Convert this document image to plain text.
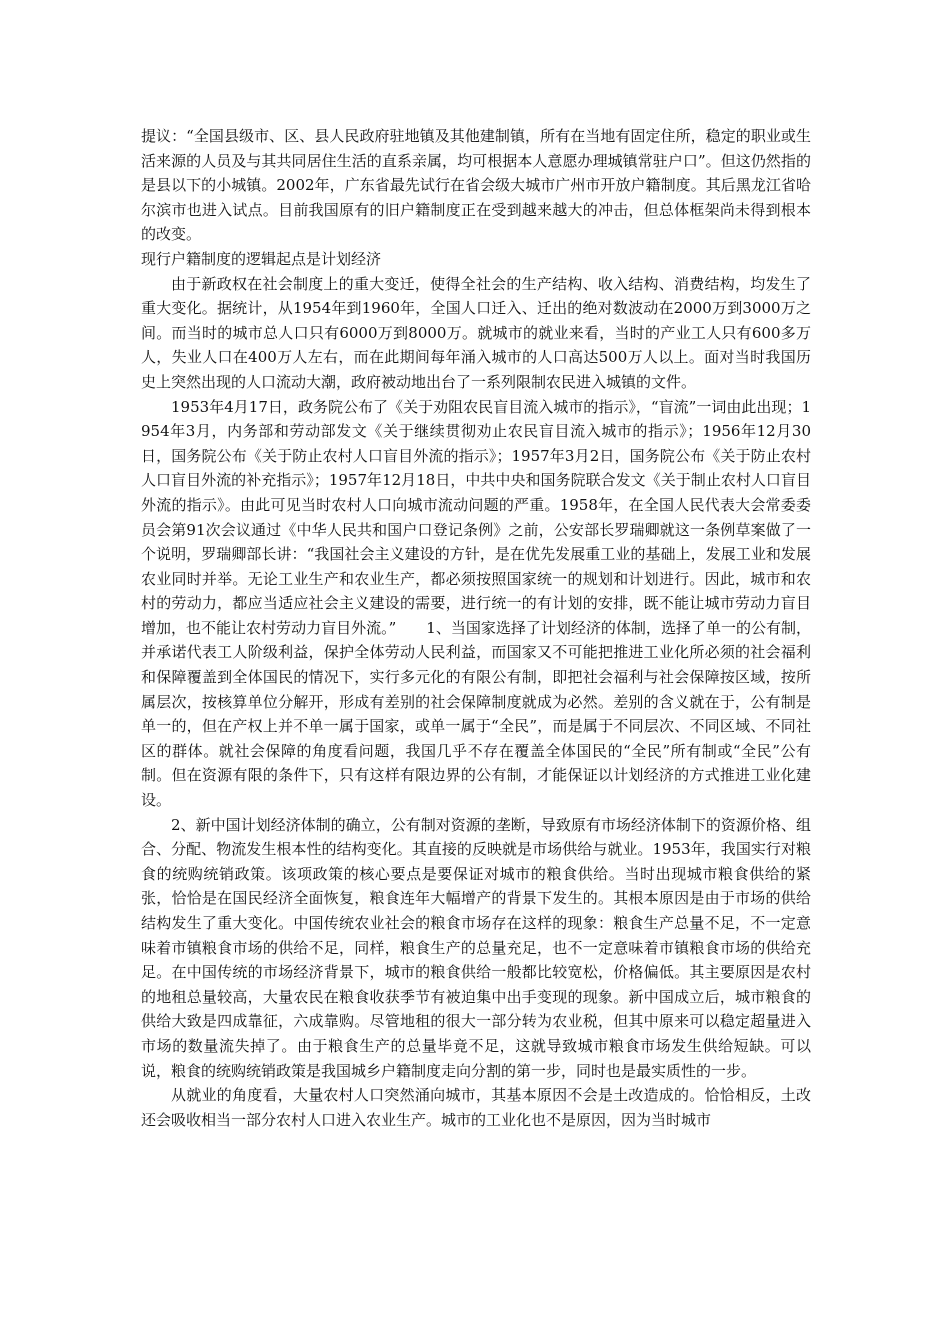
提议：“全国县级市、区、县人民政府驻地镇及其他建制镇，所有在当地有固定住所，稳定的职业或生活来源的人员及与其共同居住生活的直系亲属，均可根据本人意愿办理城镇常驻户口”。但这仍然指的是县以下的小城镇。2002年，广东省最先试行在省会级大城市广州市开放户籍制度。其后黑龙江省哈尔滨市也进入试点。目前我国原有的旧户籍制度正在受到越来越大的冲击，但总体框架尚未得到根本的改变。

现行户籍制度的逻辑起点是计划经济

由于新政权在社会制度上的重大变迁，使得全社会的生产结构、收入结构、消费结构，均发生了重大变化。据统计，从1954年到1960年，全国人口迁入、迁出的绝对数波动在2000万到3000万之间。而当时的城市总人口只有6000万到8000万。就城市的就业来看，当时的产业工人只有600多万人，失业人口在400万人左右，而在此期间每年涌入城市的人口高达500万人以上。面对当时我国历史上突然出现的人口流动大潮，政府被动地出台了一系列限制农民进入城镇的文件。

1953年4月17日，政务院公布了《关于劝阻农民盲目流入城市的指示》，“盲流”一词由此出现；1954年3月，内务部和劳动部发文《关于继续贯彻劝止农民盲目流入城市的指示》；1956年12月30日，国务院公布《关于防止农村人口盲目外流的指示》；1957年3月2日，国务院公布《关于防止农村人口盲目外流的补充指示》；1957年12月18日，中共中央和国务院联合发文《关于制止农村人口盲目外流的指示》。由此可见当时农村人口向城市流动问题的严重。1958年，在全国人民代表大会常委委员会第91次会议通过《中华人民共和国户口登记条例》之前，公安部长罗瑞卿就这一条例草案做了一个说明，罗瑞卿部长讲：“我国社会主义建设的方针，是在优先发展重工业的基础上，发展工业和发展农业同时并举。无论工业生产和农业生产，都必须按照国家统一的规划和计划进行。因此，城市和农村的劳动力，都应当适应社会主义建设的需要，进行统一的有计划的安排，既不能让城市劳动力盲目增加，也不能让农村劳动力盲目外流。”　　1、当国家选择了计划经济的体制，选择了单一的公有制，并承诺代表工人阶级利益，保护全体劳动人民利益，而国家又不可能把推进工业化所必须的社会福利和保障覆盖到全体国民的情况下，实行多元化的有限公有制，即把社会福利与社会保障按区域，按所属层次，按核算单位分解开，形成有差别的社会保障制度就成为必然。差别的含义就在于，公有制是单一的，但在产权上并不单一属于国家，或单一属于“全民”，而是属于不同层次、不同区域、不同社区的群体。就社会保障的角度看问题，我国几乎不存在覆盖全体国民的“全民”所有制或“全民”公有制。但在资源有限的条件下，只有这样有限边界的公有制，才能保证以计划经济的方式推进工业化建设。

2、新中国计划经济体制的确立，公有制对资源的垄断，导致原有市场经济体制下的资源价格、组合、分配、物流发生根本性的结构变化。其直接的反映就是市场供给与就业。1953年，我国实行对粮食的统购统销政策。该项政策的核心要点是要保证对城市的粮食供给。当时出现城市粮食供给的紧张，恰恰是在国民经济全面恢复，粮食连年大幅增产的背景下发生的。其根本原因是由于市场的供给结构发生了重大变化。中国传统农业社会的粮食市场存在这样的现象：粮食生产总量不足，不一定意味着市镇粮食市场的供给不足，同样，粮食生产的总量充足，也不一定意味着市镇粮食市场的供给充足。在中国传统的市场经济背景下，城市的粮食供给一般都比较宽松，价格偏低。其主要原因是农村的地租总量较高，大量农民在粮食收获季节有被迫集中出手变现的现象。新中国成立后，城市粮食的供给大致是四成靠征，六成靠购。尽管地租的很大一部分转为农业税，但其中原来可以稳定超量进入市场的数量流失掉了。由于粮食生产的总量毕竟不足，这就导致城市粮食市场发生供给短缺。可以说，粮食的统购统销政策是我国城乡户籍制度走向分割的第一步，同时也是最实质性的一步。

从就业的角度看，大量农村人口突然涌向城市，其基本原因不会是土改造成的。恰恰相反，土改还会吸收相当一部分农村人口进入农业生产。城市的工业化也不是原因，因为当时城市
